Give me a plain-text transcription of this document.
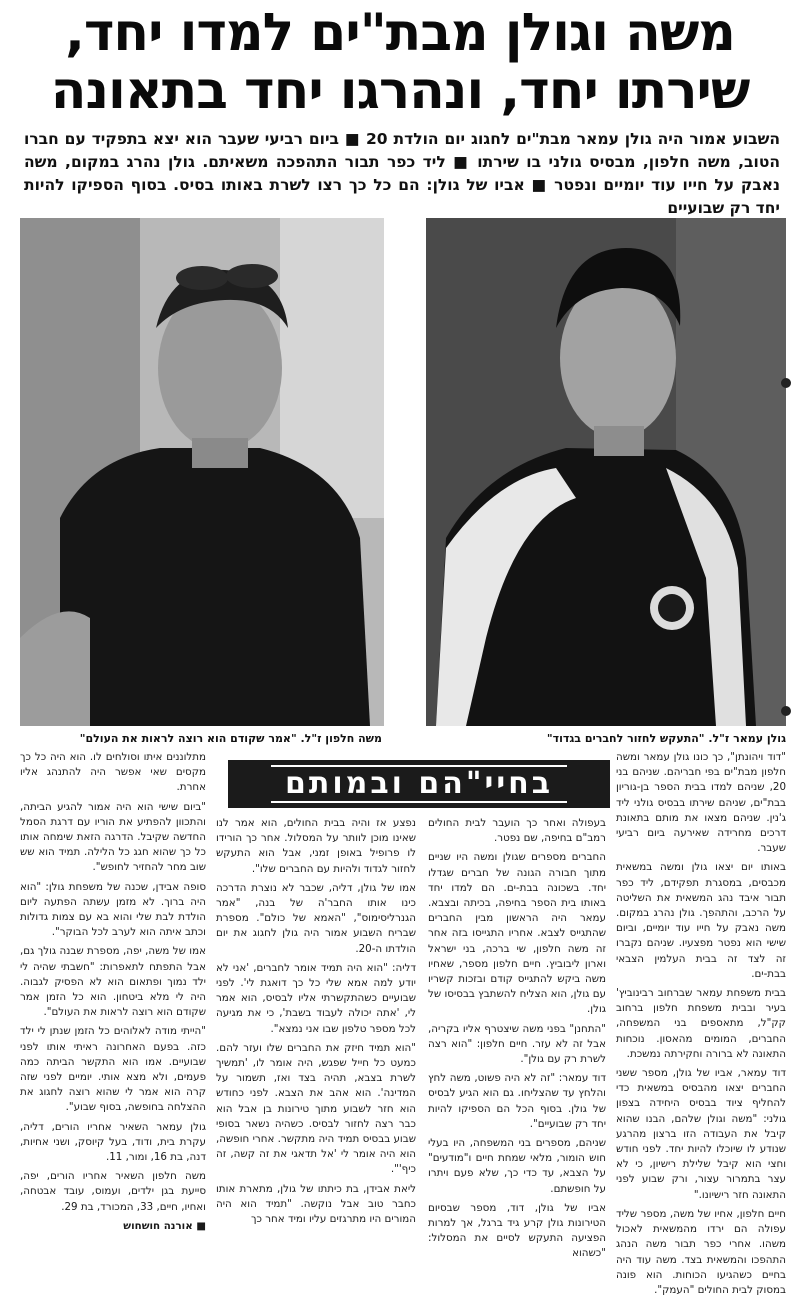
משה וגולן מבת"ים למדו יחד,
שירתו יחד, ונהרגו יחד בתאונה
השבוע אמור היה גולן עמאר מבת"ים לחגוג יום הולדת 20 ■ ביום רביעי שעבר הוא יצא בתפקיד עם חברו הטוב, משה חלפון, מבסיס גולני בו שירתו ■ ליד כפר תבור התהפכה משאיתם. גולן נהרג במקום, משה נאבק על חייו עוד יומיים ונפטר ■ אביו של גולן: הם כל כך רצו לשרת באותו בסיס. בסוף הספיקו להיות יחד רק שבועיים
משה חלפון ז"ל. "אמר שקודם הוא רוצה לראות את העולם"	גולן עמאר ז"ל. "התעקש לחזור לחברים בגדוד"
בחיי"הם ובמותם

"דוד ויהונתן", כך כונו גולן עמאר ומשה חלפון מבת"ים בפי חבריהם. שניהם בני 20, שניהם למדו בבית הספר בן-גוריון בבת"ים, שניהם שירתו בבסיס גולני ליד ג'נין. שניהם מצאו את מותם בתאונת דרכים מחרידה שאירעה ביום רביעי שעבר.

באותו יום יצאו גולן ומשה במשאית מכבסים, במסגרת תפקידם, ליד כפר תבור איבד נהג המשאית את השליטה על הרכב, והתהפך. גולן נהרג במקום. משה נאבק על חייו עוד יומיים, וביום שישי הוא נפטר מפצעיו. שניהם נקברו זה לצד זה בבית העלמין הצבאי בבת-ים.

בבית משפחת עמאר שברחוב רבינוביץ' בעיר ובבית משפחת חלפון ברחוב קק"ל, מתאספים בני המשפחה, החברים, המומים מהאסון. נוכחות התאונה לא ברורה וחקירתה נמשכת.

דוד עמאר, אביו של גולן, מספר ששני החברים יצאו מהבסיס במשאית כדי להחליף ציוד בבסיס היחידה בצפון גולני: "משה וגולן שלהם, הבנו שהוא קיבל את העבודה הזו ברצון מהרגע שנודע לו שיוכלו להיות יחד. לפני חודש וחצי הוא קיבל שלילת רישיון, כי לא עצר בתמרור עצור, ורק שבוע לפני התאונה חזר רישיונו."

חיים חלפון, אחיו של משה, מספר שליד עפולה הם ירדו מהמשאית לאכול משהו. אחרי כפר תבור משה הנהג התהפכו והמשאית בצד. משה עוד היה בחיים כשהגיעו הכוחות. הוא פונה במסוק לבית החולים "העמק".

בעפולה ואחר כך הועבר לבית החולים רמב"ם בחיפה, שם נפטר.

החברים מספרים שגולן ומשה היו שניים מתוך חבורה הגונה של חברים שגדלו יחד. בשכונה בבת-ים. הם למדו יחד באותו בית הספר בחיפה, בכיתה ובצבא. עמאר היה הראשון מבין החברים שהתגייס לצבא. אחריו התגייסו בזה אחר זה משה חלפון, שי ברכה, בני ישראל וארון ליבוביץ. חיים חלפון מספר, שאחיו משה ביקש להתגייס קודם ובזכות קשריו עם גולן, הוא הצליח להשתבץ בבסיסו של גולן.

"התחנן" בפני משה שיצטרף אליו בקריה, אבל זה לא עזר. חיים חלפון: "הוא רצה לשרת רק עם גולן".

דוד עמאר: "זה לא היה פשוט, משה לחץ והלחץ עד שהצליחו. גם הוא הגיע לבסיס של גולן. בסוף הכל הם הספיקו להיות יחד רק שבועיים".

שניהם, מספרים בני המשפחה, היו בעלי חוש הומור, מלאי שמחת חיים ו"מודעים" על הצבא, עד כדי כך, שלא פעם ויתרו על חופשתם.

אביו של גולן, דוד, מספר שבסיום הטירונות גולן קרע גיד ברגל, אך למרות הפציעה התעקש לסיים את המסלול: "כשהוא

נפצע אז והיה בבית החולים, הוא אמר לנו שאינו מוכן לוותר על המסלול. אחר כך הורידו לו פרופיל באופן זמני, אבל הוא התעקש לחזור לגדוד ולהיות עם החברים שלו".

אמו של גולן, דליה, שכבר לא נוצרת הדרכה כינו אותו החבר'ה של בנה, "אמר הגנרליסימוס", "האמא של כולם". מספרת שבריח השבוע אמור היה גולן לחגוג את יום הולדתו ה-20.

דליה: "הוא היה תמיד אומר לחברים, 'אני לא יודע למה אמא שלי כל כך דואגת לי'. לפני שבועיים כשהתקשרתי אליו לבסיס, הוא אמר לי, 'אתה יכולה לעבוד בשבת', כי את מגיעה לכל מספר טלפון שבו אני נמצא".

"הוא תמיד חיזק את החברים שלו ועזר להם. כמעט כל חייל שפגש, היה אומר לו, 'תמשיך לשרת בצבא, תהיה בצד ואז, תשמור על המדינה'. הוא אהב את הצבא. לפני כחודש הוא חזר לשבוע מתוך טירונות בן אבל הוא כבר רצה לחזור לבסיס. כשהיה נשאר בסופי שבוע בבסיס תמיד היה מתקשר. אחרי חופשה, הוא היה אומר לי 'אל תדאגי את זה קשה, זה כיף'".

ליאת אבידן, בת כיתתו של גולן, מתארת אותו כחבר טוב אבל נוקשה. "תמיד הוא היה המורים היו מתרגזים עליו ומיד אחר כך

מתלוננים איתו וסולחים לו. הוא היה כל כך מקסים שאי אפשר היה להתנהג אליו אחרת.

"ביום שישי הוא היה אמור להגיע הביתה, והתכוון להפתיע את הוריו עם דרגת הסמל החדשה שקיבל. הדרגה הזאת שימחה אותו כל כך שהוא חגג כל הלילה. תמיד הוא שש שוב מחר להחזיר לחופש".

סופה אבידן, שכנה של משפחת גולן: "הוא היה ברוך. לא מזמן עשתה הפתעה ליום הולדת לבת שלי והוא בא עם צמות גדולות וכתב איתה הוא לערב לכל הבוקר".

אמו של משה, יפה, מספרת שבנה גולך גם, אבל התפתח לתאפרות: "חשבתי שהיה לי ילד נמוך ופתאום הוא לא הפסיק לגבוה. היה לי מלא ביטחון. הוא כל הזמן אמר שקודם הוא רוצה לראות את העולם".

"הייתי מודה לאלוהים כל הזמן שנתן לי ילד כזה. בפעם האחרונה ראיתי אותו לפני שבועיים. אמו הוא התקשר הביתה כמה פעמים, ולא מצא אותי. יומיים לפני שזה קרה הוא אמר לי שהוא רוצה לחגוג את ההצלחה בחופשה, בסוף שבוע".

גולן עמאר השאיר אחריו הורים, דליה, עקרת בית, ודוד, בעל קיוסק, ושני אחיות, דנה, בת 16, ומור, 11.

משה חלפון השאיר אחריו הורים, יפה, סייעת בגן ילדים, ועמוס, עובד אבטחה, ואחיו, חיים, 33, המכורד, בת 29.

■ אורנה חושחוש
